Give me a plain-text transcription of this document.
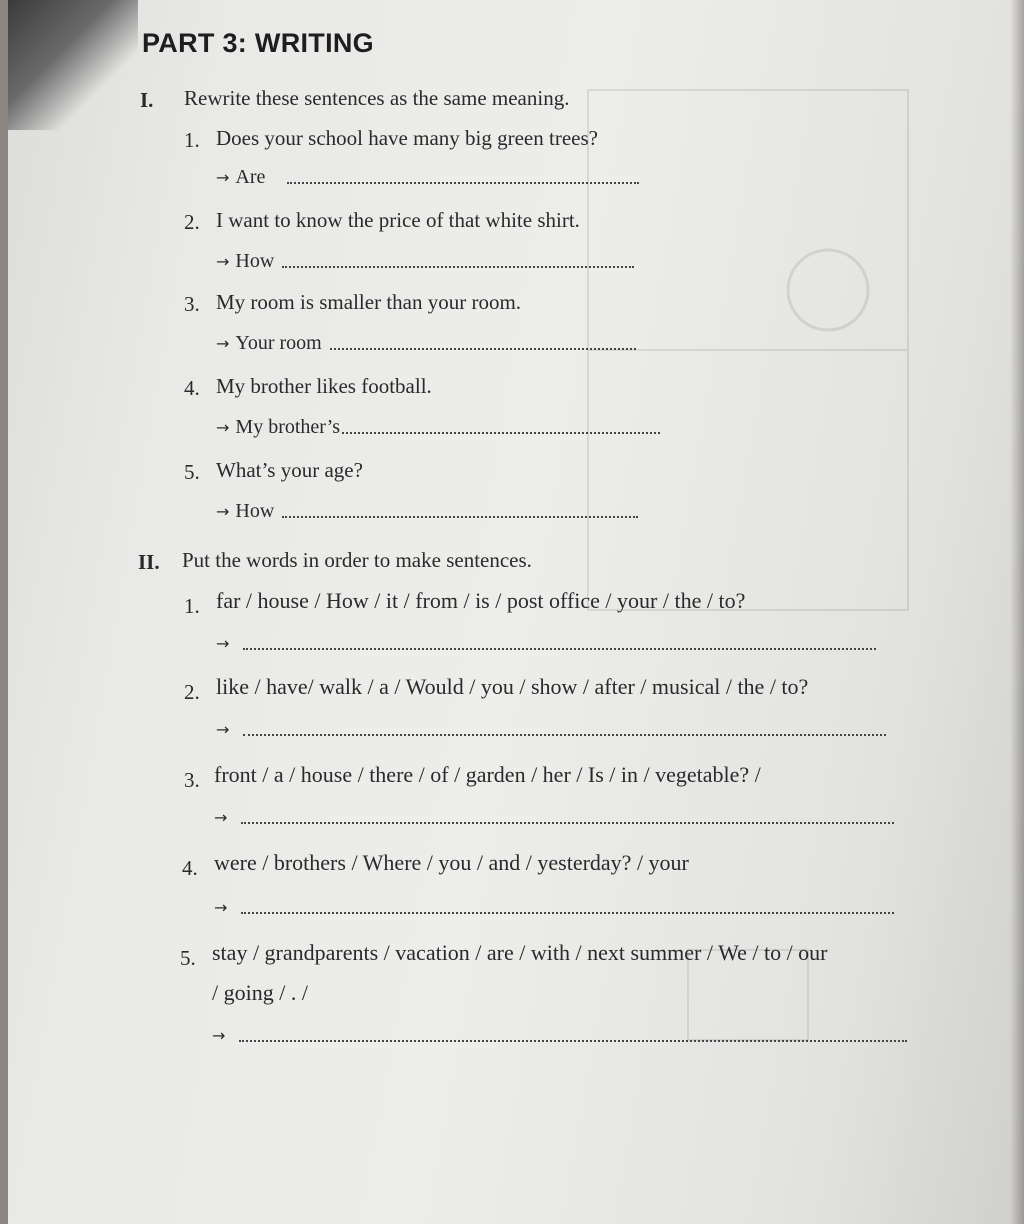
PART 3: WRITING
I. Rewrite these sentences as the same meaning.
1. Does your school have many big green trees?
→ Are
2. I want to know the price of that white shirt.
→ How
3. My room is smaller than your room.
→ Your room
4. My brother likes football.
→ My brother’s
5. What’s your age?
→ How
II. Put the words in order to make sentences.
1. far / house / How / it / from / is / post office / your / the / to?
→
2. like / have/ walk / a / Would / you / show / after / musical / the / to?
→
3. front / a / house / there / of / garden / her / Is / in / vegetable? /
→
4. were / brothers / Where / you / and / yesterday? / your
→
5. stay / grandparents / vacation / are / with / next summer / We / to / our
/ going / . /
→
